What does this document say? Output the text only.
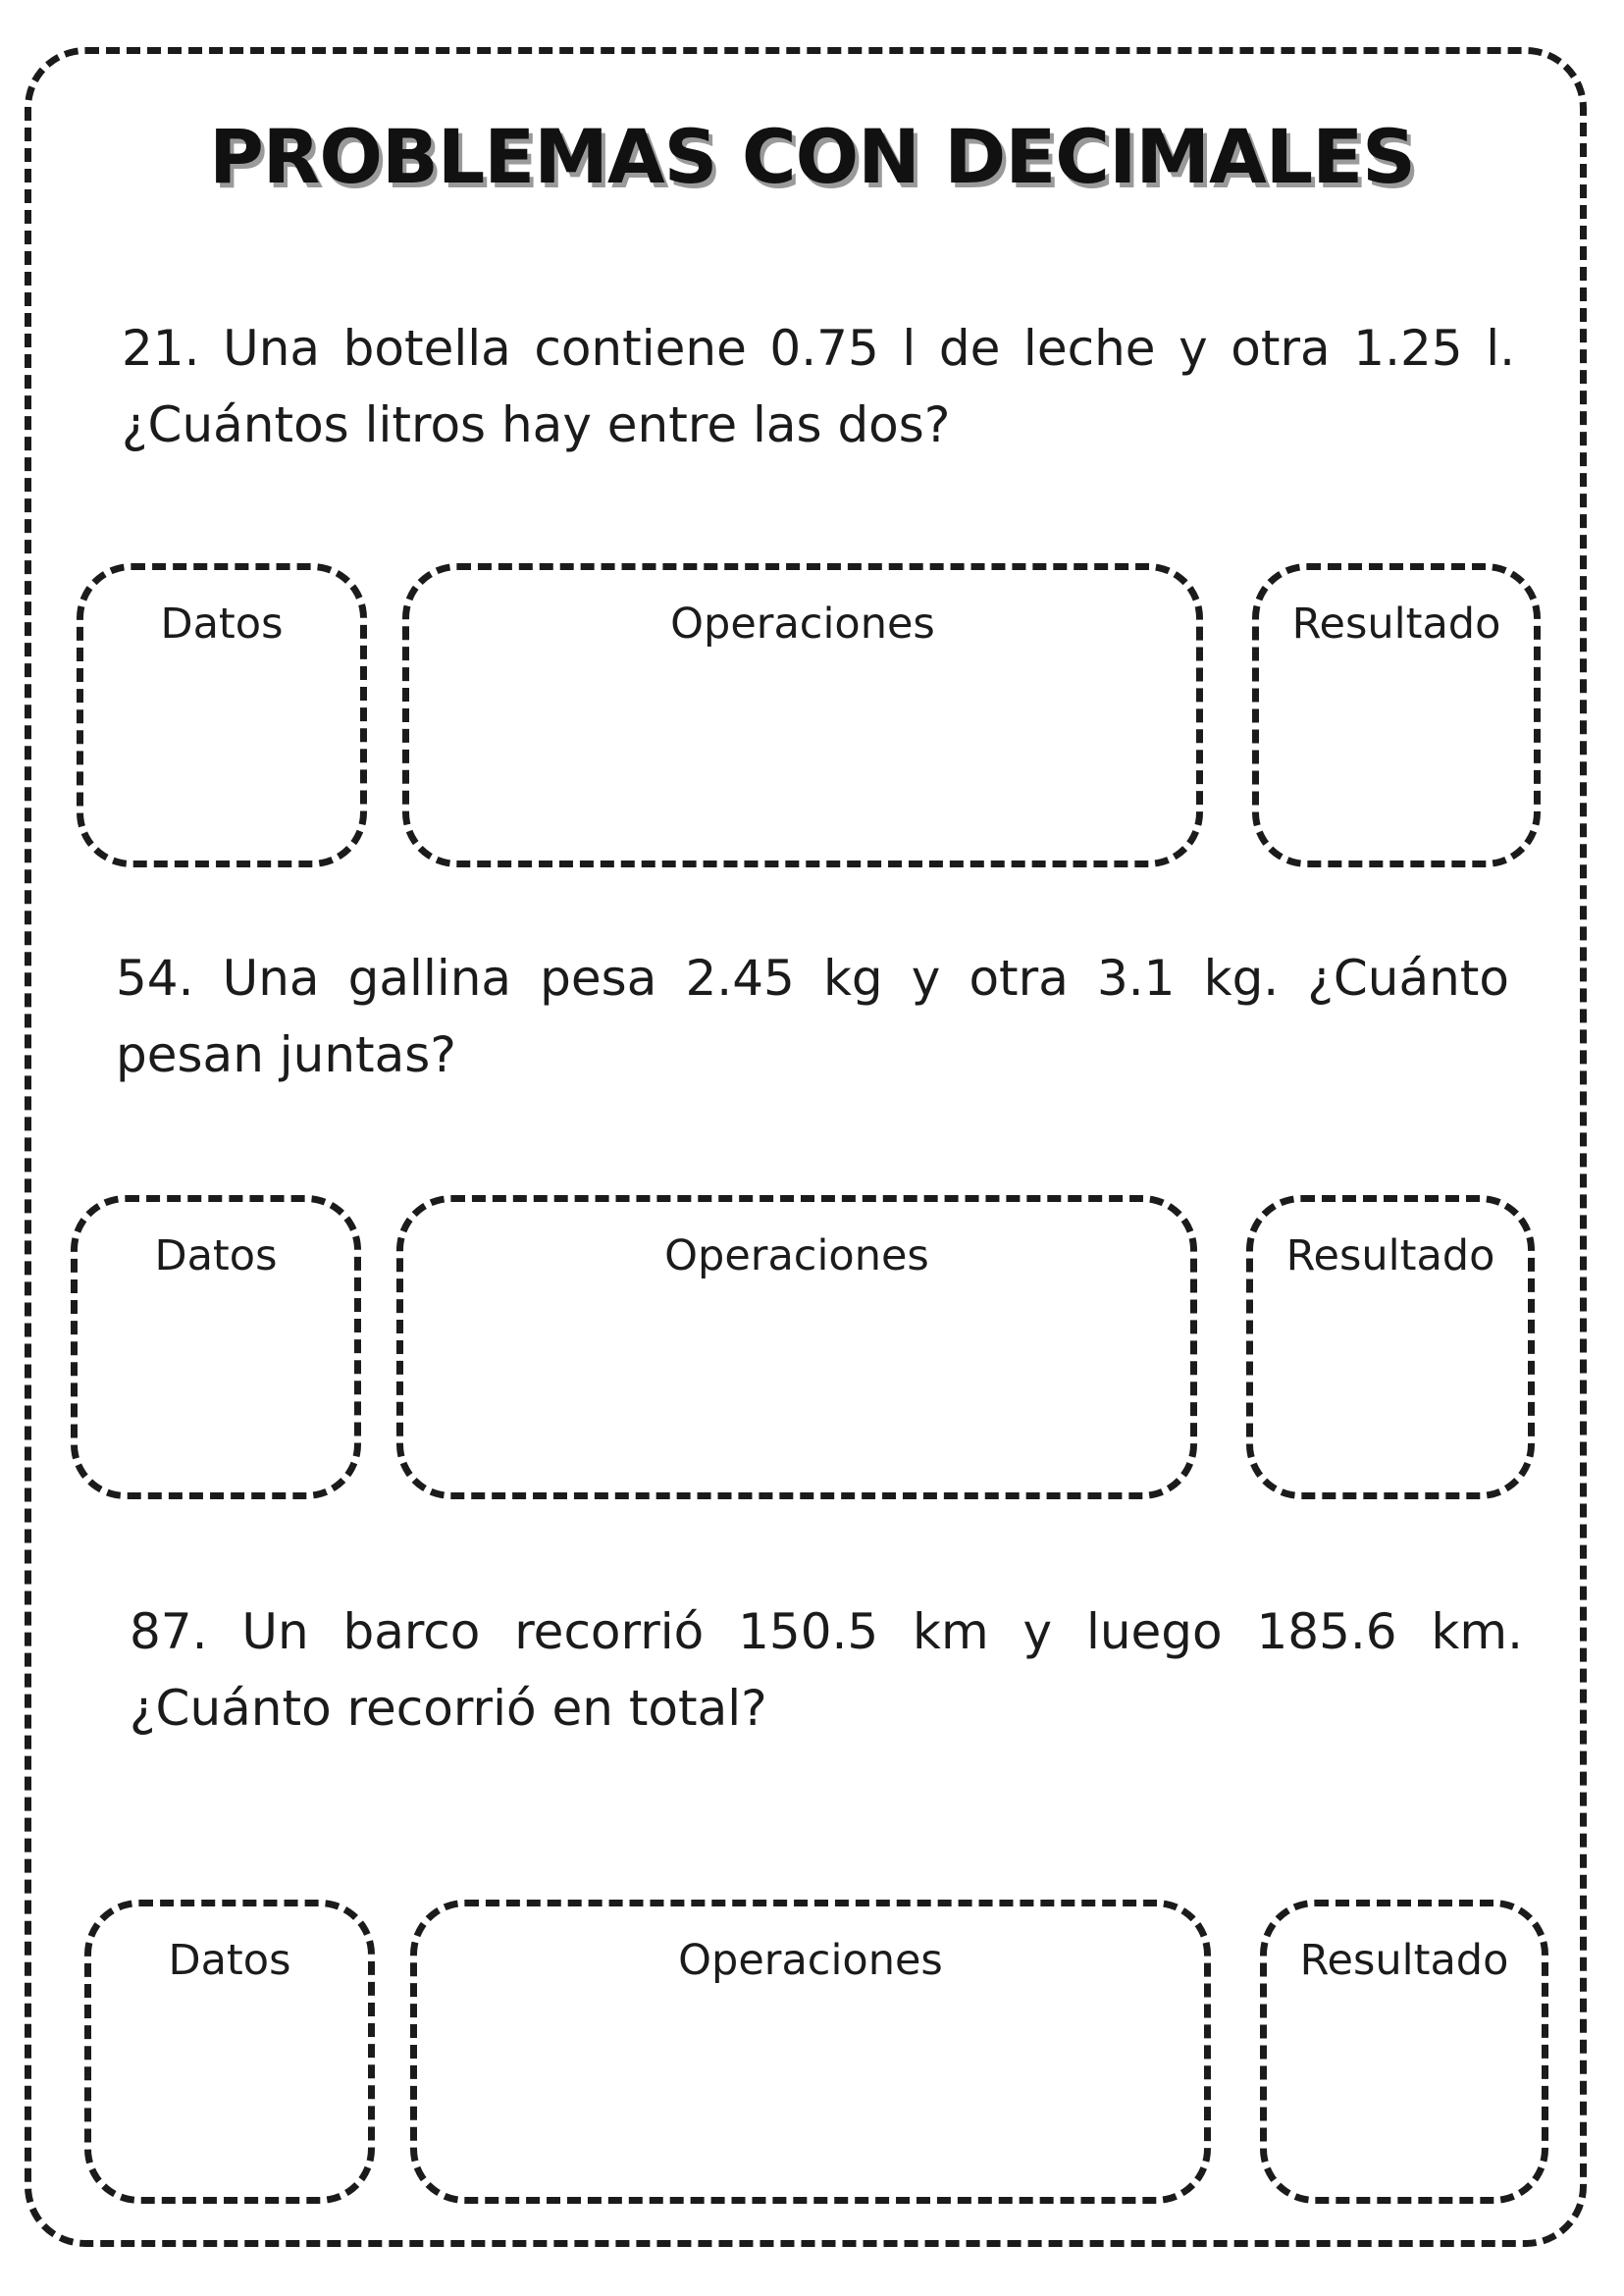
PROBLEMAS CON DECIMALES

21. Una botella contiene 0.75 l de leche y otra 1.25 l. ¿Cuántos litros hay entre las dos?

Datos	Operaciones	Resultado

54. Una gallina pesa 2.45 kg y otra 3.1 kg. ¿Cuánto pesan juntas?

Datos	Operaciones	Resultado

87. Un barco recorrió 150.5 km y luego 185.6 km. ¿Cuánto recorrió en total?

Datos	Operaciones	Resultado
